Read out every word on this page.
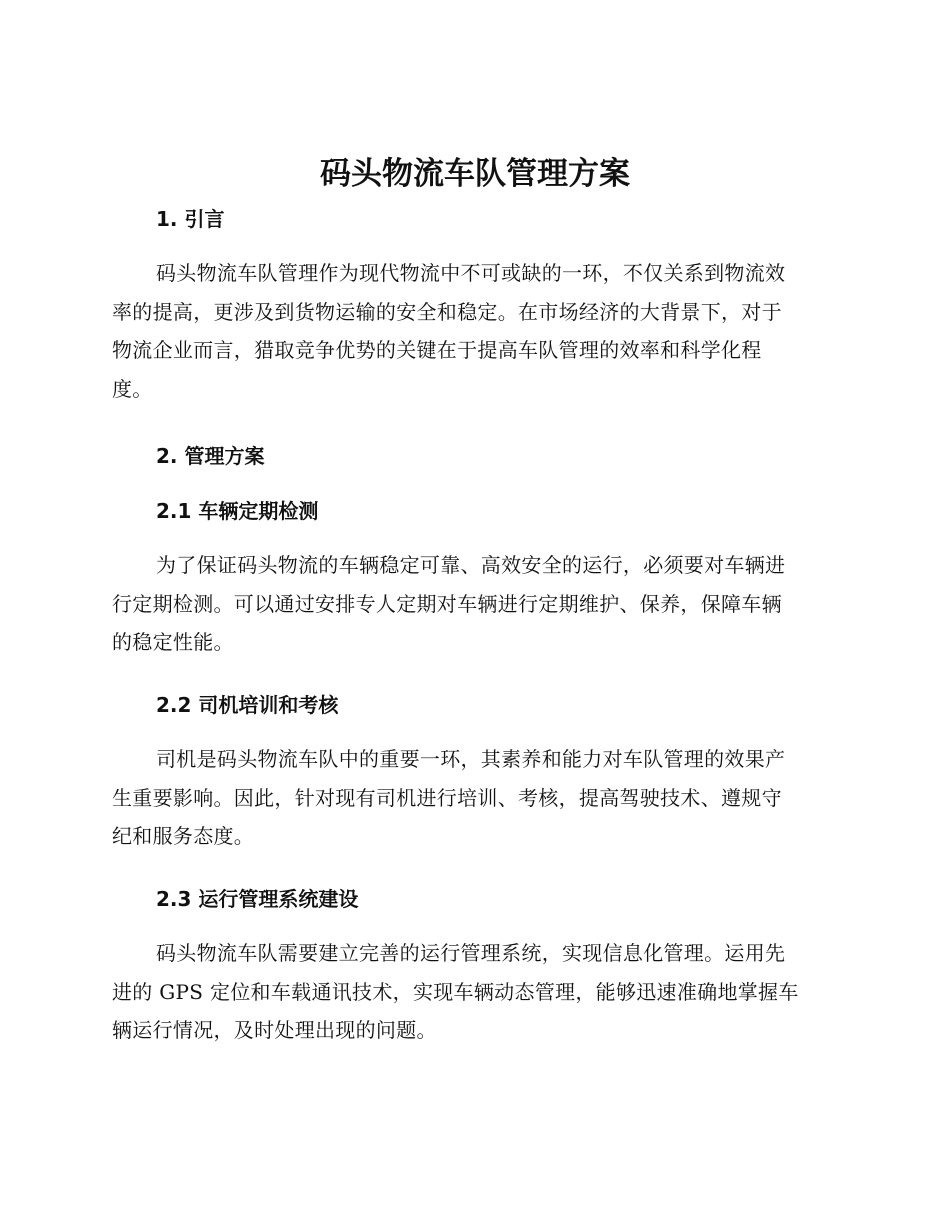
码头物流车队管理方案
1. 引言

码头物流车队管理作为现代物流中不可或缺的一环，不仅关系到物流效
率的提高，更涉及到货物运输的安全和稳定。在市场经济的大背景下，对于
物流企业而言，猎取竞争优势的关键在于提高车队管理的效率和科学化程
度。

2. 管理方案
2.1 车辆定期检测

为了保证码头物流的车辆稳定可靠、高效安全的运行，必须要对车辆进
行定期检测。可以通过安排专人定期对车辆进行定期维护、保养，保障车辆
的稳定性能。

2.2 司机培训和考核

司机是码头物流车队中的重要一环，其素养和能力对车队管理的效果产
生重要影响。因此，针对现有司机进行培训、考核，提高驾驶技术、遵规守
纪和服务态度。

2.3 运行管理系统建设

码头物流车队需要建立完善的运行管理系统，实现信息化管理。运用先
进的 GPS 定位和车载通讯技术，实现车辆动态管理，能够迅速准确地掌握车
辆运行情况，及时处理出现的问题。
